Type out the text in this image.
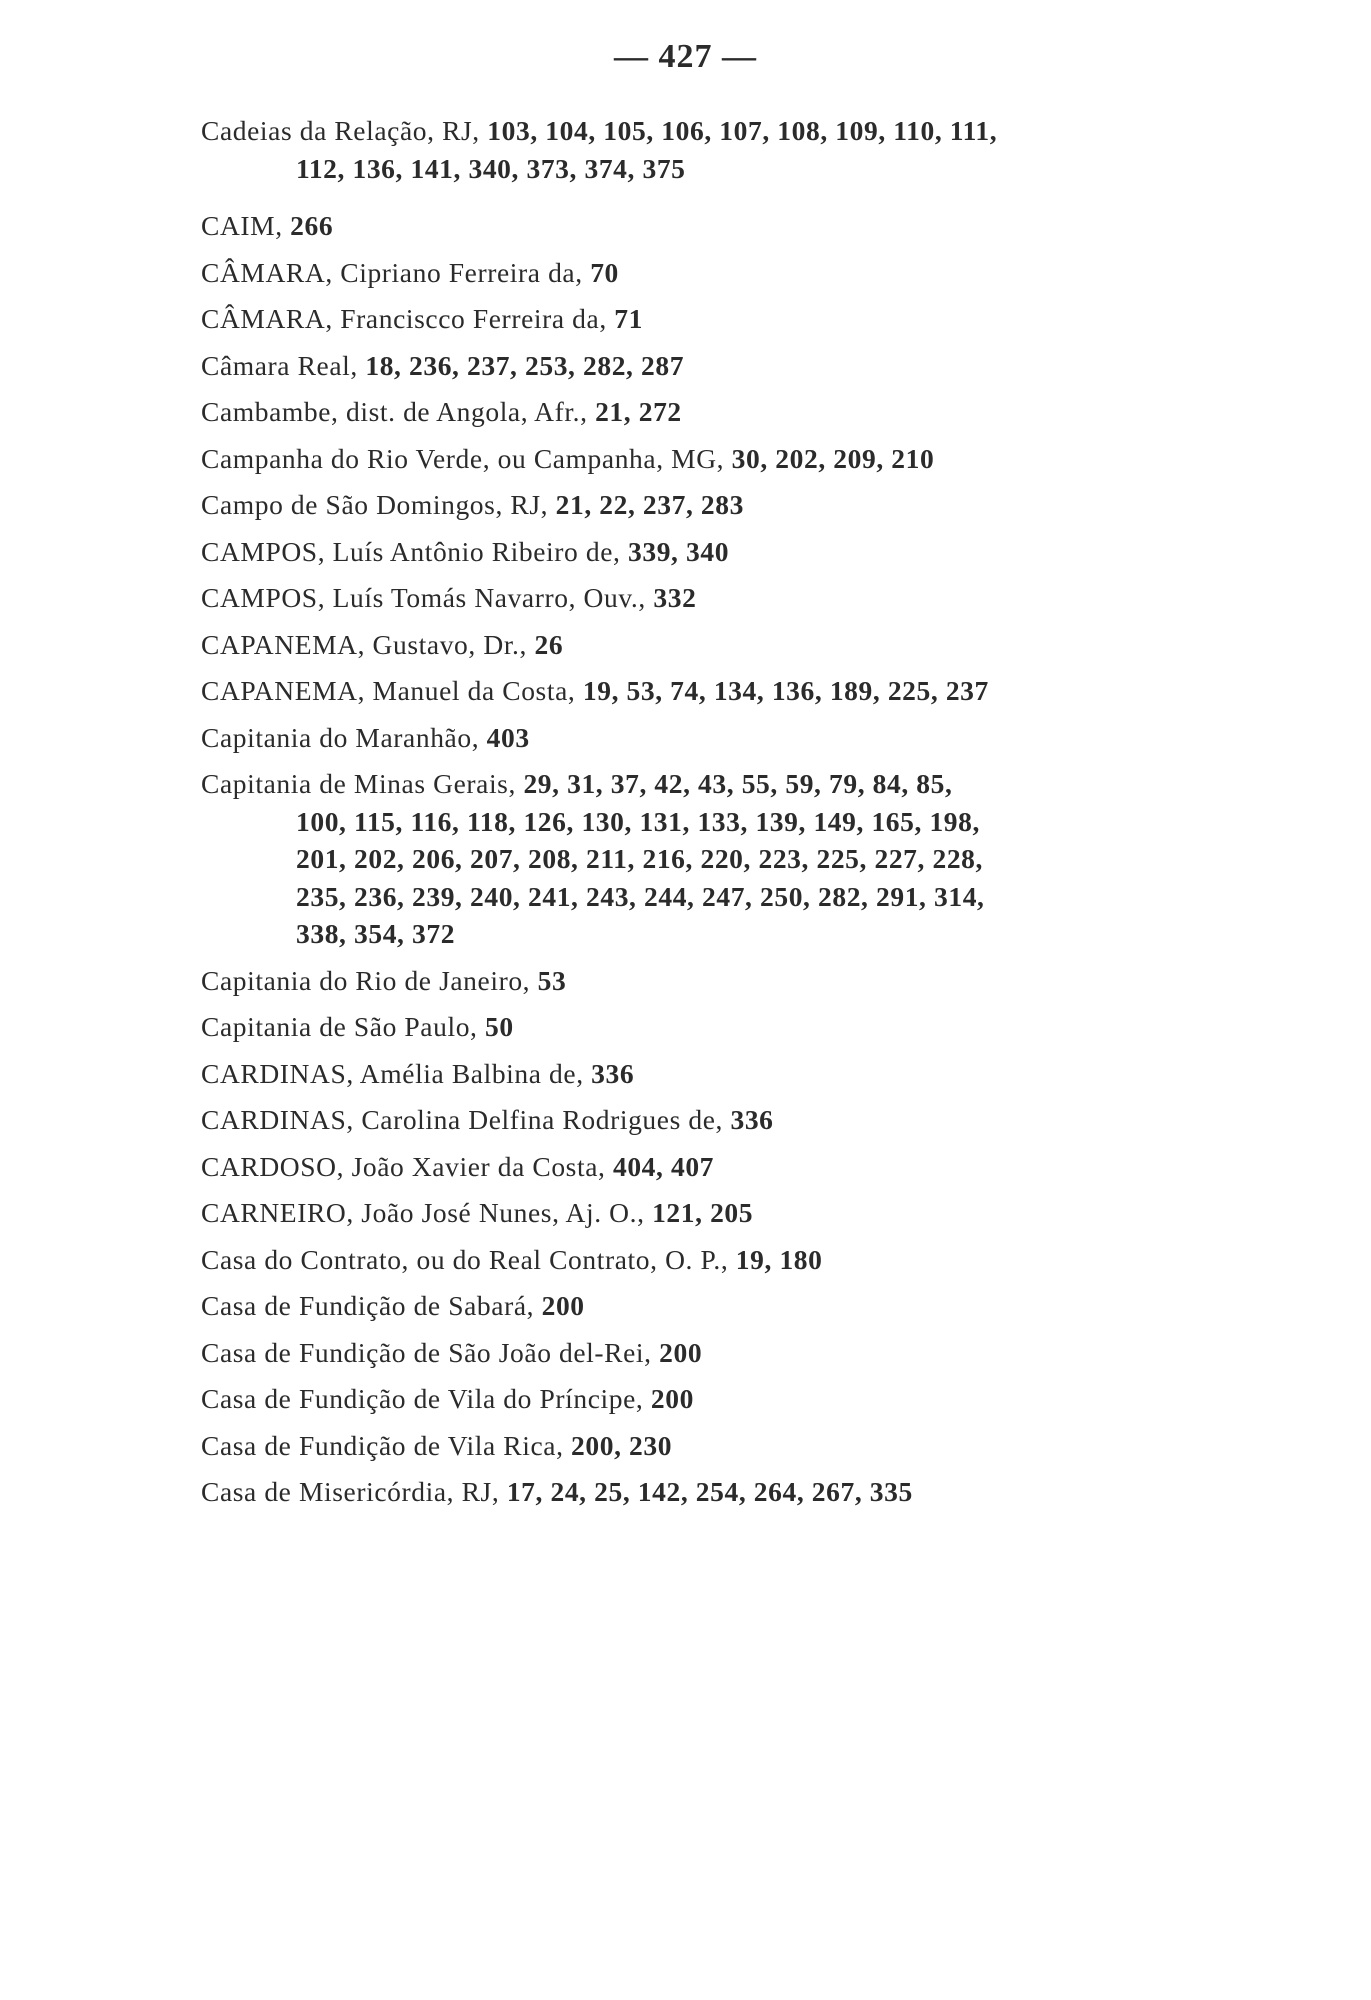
— 427 —
Cadeias da Relação, RJ, 103, 104, 105, 106, 107, 108, 109, 110, 111,
112, 136, 141, 340, 373, 374, 375
CAIM, 266
CÂMARA, Cipriano Ferreira da, 70
CÂMARA, Franciscco Ferreira da, 71
Câmara Real, 18, 236, 237, 253, 282, 287
Cambambe, dist. de Angola, Afr., 21, 272
Campanha do Rio Verde, ou Campanha, MG, 30, 202, 209, 210
Campo de São Domingos, RJ, 21, 22, 237, 283
CAMPOS, Luís Antônio Ribeiro de, 339, 340
CAMPOS, Luís Tomás Navarro, Ouv., 332
CAPANEMA, Gustavo, Dr., 26
CAPANEMA, Manuel da Costa, 19, 53, 74, 134, 136, 189, 225, 237
Capitania do Maranhão, 403
Capitania de Minas Gerais, 29, 31, 37, 42, 43, 55, 59, 79, 84, 85,
100, 115, 116, 118, 126, 130, 131, 133, 139, 149, 165, 198,
201, 202, 206, 207, 208, 211, 216, 220, 223, 225, 227, 228,
235, 236, 239, 240, 241, 243, 244, 247, 250, 282, 291, 314,
338, 354, 372
Capitania do Rio de Janeiro, 53
Capitania de São Paulo, 50
CARDINAS, Amélia Balbina de, 336
CARDINAS, Carolina Delfina Rodrigues de, 336
CARDOSO, João Xavier da Costa, 404, 407
CARNEIRO, João José Nunes, Aj. O., 121, 205
Casa do Contrato, ou do Real Contrato, O. P., 19, 180
Casa de Fundição de Sabará, 200
Casa de Fundição de São João del-Rei, 200
Casa de Fundição de Vila do Príncipe, 200
Casa de Fundição de Vila Rica, 200, 230
Casa de Misericórdia, RJ, 17, 24, 25, 142, 254, 264, 267, 335
